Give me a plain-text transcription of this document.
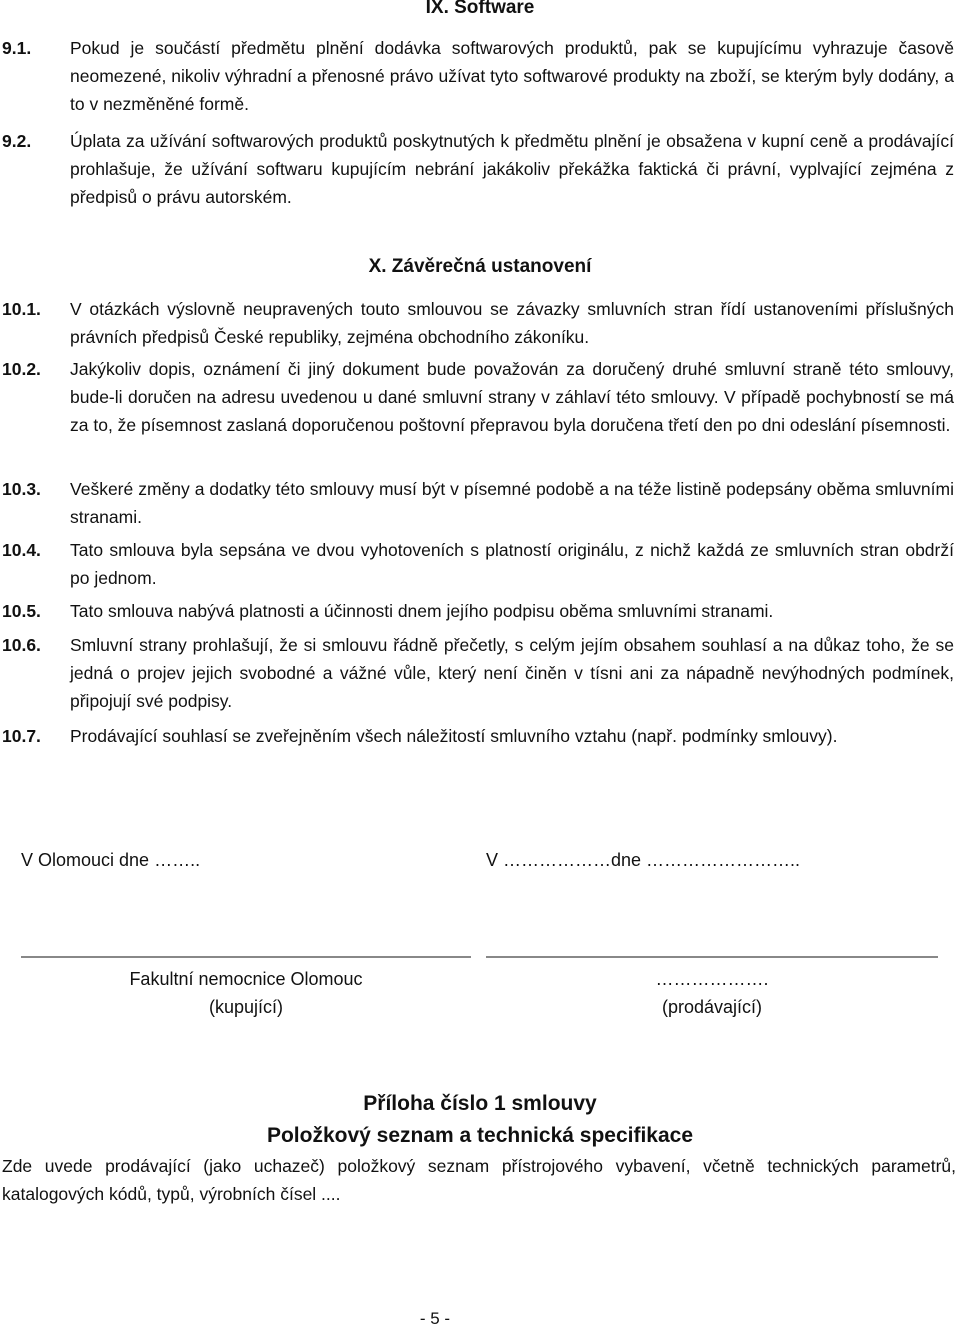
IX. Software
9.1. Pokud je součástí předmětu plnění dodávka softwarových produktů, pak se kupujícímu vyhrazuje časově neomezené, nikoliv výhradní a přenosné právo užívat tyto softwarové produkty na zboží, se kterým byly dodány, a to v nezměněné formě.
9.2. Úplata za užívání softwarových produktů poskytnutých k předmětu plnění je obsažena v kupní ceně a prodávající prohlašuje, že užívání softwaru kupujícím nebrání jakákoliv překážka faktická či právní, vyplvající zejména z předpisů o právu autorském.
X. Závěrečná ustanovení
10.1. V otázkách výslovně neupravených touto smlouvou se závazky smluvních stran řídí ustanoveními příslušných právních předpisů České republiky, zejména obchodního zákoníku.
10.2. Jakýkoliv dopis, oznámení či jiný dokument bude považován za doručený druhé smluvní straně této smlouvy, bude-li doručen na adresu uvedenou u dané smluvní strany v záhlaví této smlouvy. V případě pochybností se má za to, že písemnost zaslaná doporučenou poštovní přepravou byla doručena třetí den po dni odeslání písemnosti.
10.3. Veškeré změny a dodatky této smlouvy musí být v písemné podobě a na téže listině podepsány oběma smluvními stranami.
10.4. Tato smlouva byla sepsána ve dvou vyhotoveních s platností originálu, z nichž každá ze smluvních stran obdrží po jednom.
10.5. Tato smlouva nabývá platnosti a účinnosti dnem jejího podpisu oběma smluvními stranami.
10.6. Smluvní strany prohlašují, že si smlouvu řádně přečetly, s celým jejím obsahem souhlasí a na důkaz toho, že se jedná o projev jejich svobodné a vážné vůle, který není činěn v tísni ani za nápadně nevýhodných podmínek, připojují své podpisy.
10.7. Prodávající souhlasí se zveřejněním všech náležitostí smluvního vztahu (např. podmínky smlouvy).
V Olomouci dne ……..	V ………………dne ……………………..
Fakultní nemocnice Olomouc
(kupující)
……………….
(prodávající)
Příloha číslo 1 smlouvy
Položkový seznam a technická specifikace
Zde uvede prodávající (jako uchazeč) položkový seznam přístrojového vybavení, včetně technických parametrů, katalogových kódů, typů, výrobních čísel ....
- 5 -
